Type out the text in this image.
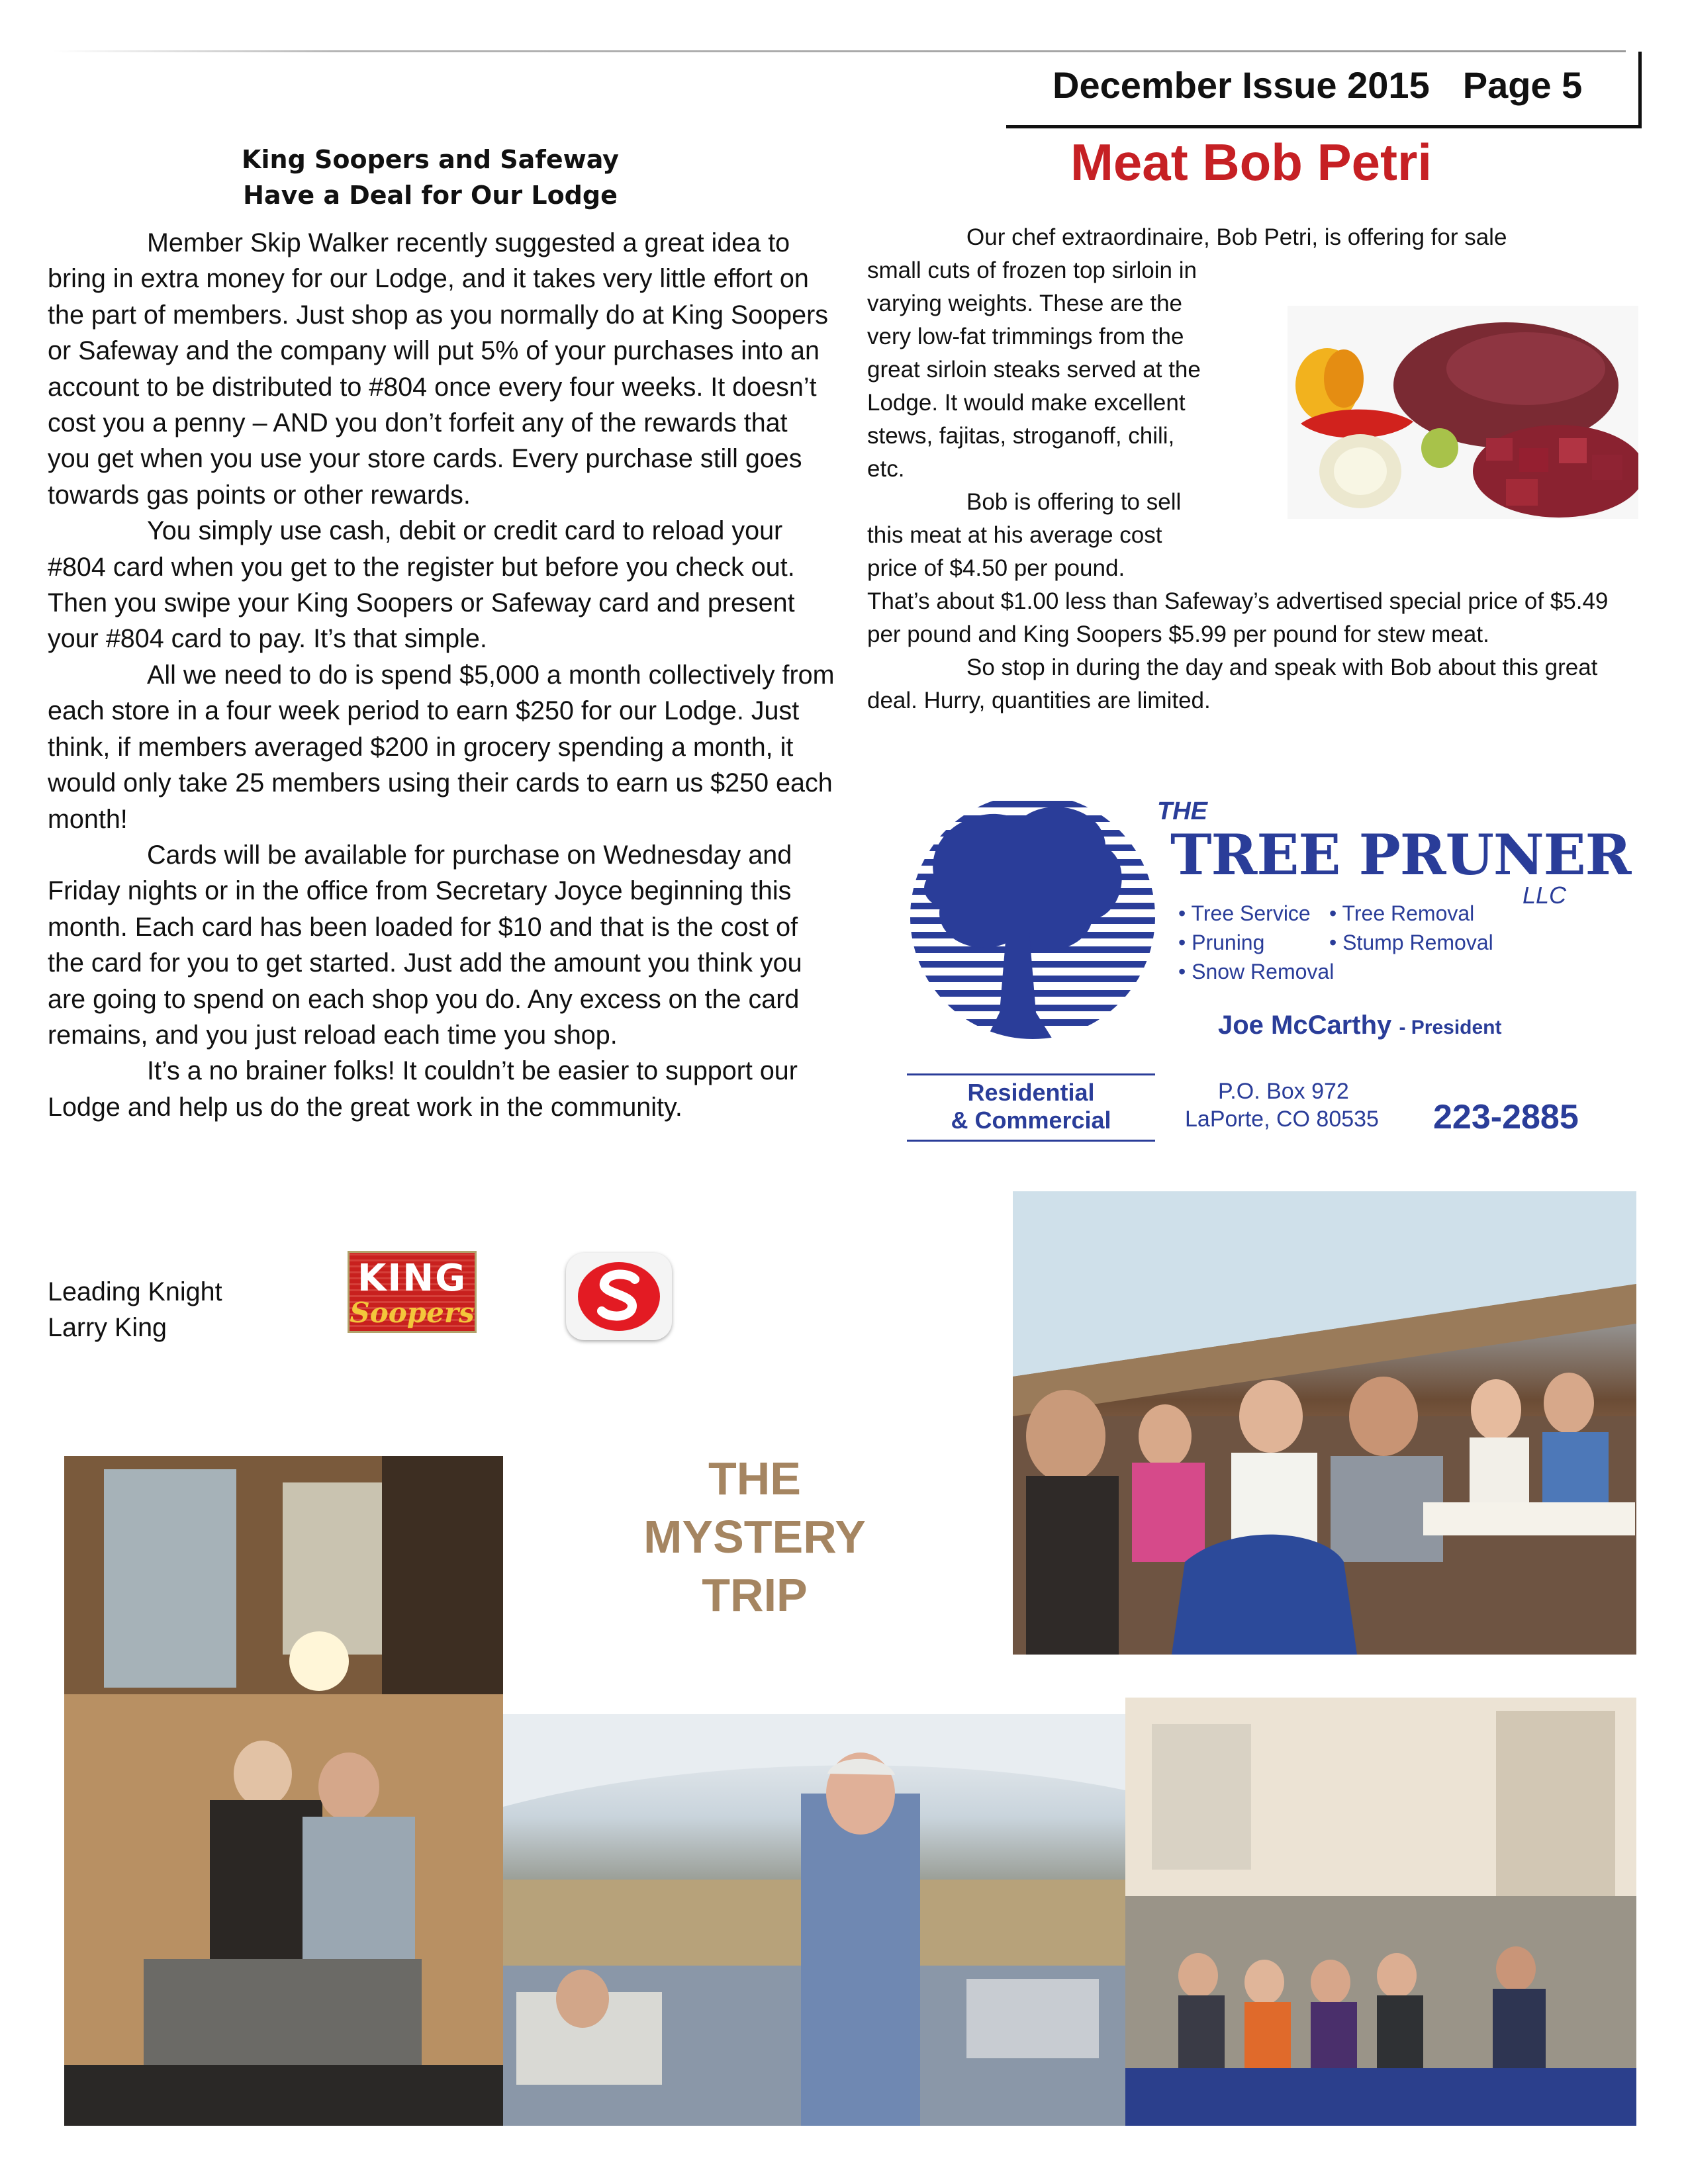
December Issue 2015 Page 5
King Soopers and Safeway
Have a Deal for Our Lodge

Member Skip Walker recently suggested a great idea to bring in extra money for our Lodge, and it takes very little effort on the part of members. Just shop as you normally do at King Soopers or Safeway and the company will put 5% of your purchases into an account to be distributed to #804 once every four weeks. It doesn’t cost you a penny – AND you don’t forfeit any of the rewards that you get when you use your store cards. Every purchase still goes towards gas points or other rewards.

You simply use cash, debit or credit card to reload your #804 card when you get to the register but before you check out. Then you swipe your King Soopers or Safeway card and present your #804 card to pay. It’s that simple.

All we need to do is spend $5,000 a month collectively from each store in a four week period to earn $250 for our Lodge. Just think, if members averaged $200 in grocery spending a month, it would only take 25 members using their cards to earn us $250 each month!

Cards will be available for purchase on Wednesday and Friday nights or in the office from Secretary Joyce beginning this month. Each card has been loaded for $10 and that is the cost of the card for you to get started. Just add the amount you think you are going to spend on each shop you do. Any excess on the card remains, and you just reload each time you shop.

It’s a no brainer folks! It couldn’t be easier to support our Lodge and help us do the great work in the community.

Leading Knight
Larry King
KING
Soopers
Meat Bob Petri

Our chef extraordinaire, Bob Petri, is offering for sale

small cuts of frozen top sirloin in

varying weights. These are the

very low-fat trimmings from the

great sirloin steaks served at the

Lodge. It would make excellent

stews, fajitas, stroganoff, chili,

etc.

Bob is offering to sell

this meat at his average cost

price of $4.50 per pound.

That’s about $1.00 less than Safeway’s advertised special price of $5.49 per pound and King Soopers $5.99 per pound for stew meat.

So stop in during the day and speak with Bob about this great deal. Hurry, quantities are limited.

THE
TREE PRUNER
LLC
• Tree Service • Tree Removal
• Pruning	• Stump Removal
• Snow Removal
Joe McCarthy - President
Residential
& Commercial
P.O. Box 972
LaPorte, CO 80535 223-2885
THE
MYSTERY
TRIP
